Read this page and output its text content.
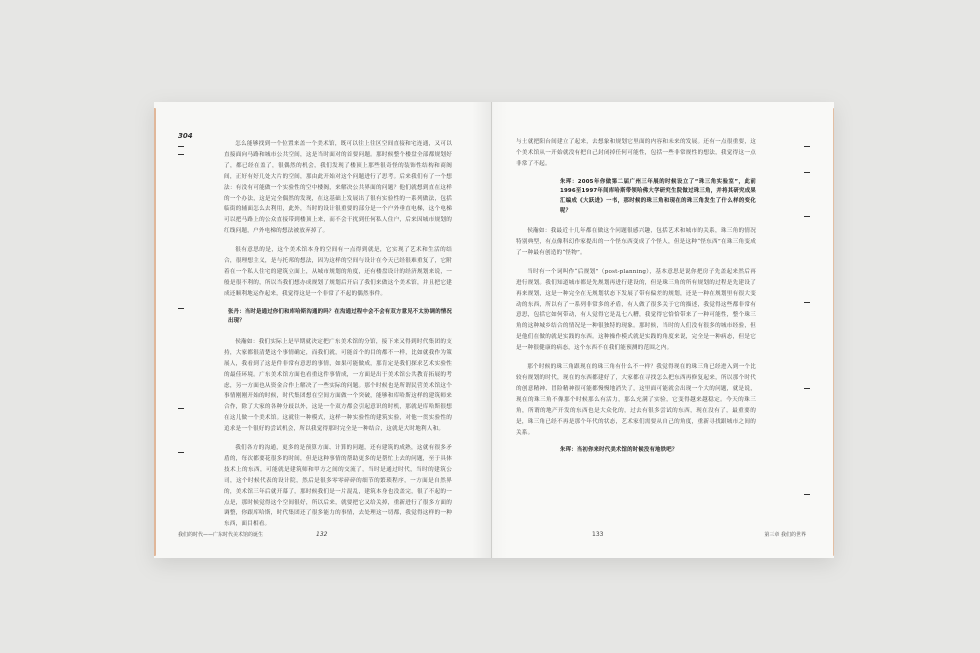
304

怎么能够找到一个位置来盖一个美术馆，既可以往上往区空间直接和宅连通，又可以直接面向马路和城市公共空间，这是当时面对的首要问题。那时候整个楼盘全部都规划好了，都已经在盖了，很偶然的机会，我们发现了楼顶上那些很奇怪的装饰性结构和商阁间，正好有好几处大片的空间，那由此开始对这个问题进行了思考。后来我们有了一个想法：有没有可能做一个实验性的空中楼阁，来解决公共界面的问题？他们就想到直在这样的一个办法，这是完全偶然的发现，在这基础上发展出了很有实验性的一系列做法，包括临街的辅面怎么去利用，此外，当时的设计很重要的部分是一个户外垂直电梯，这个电梯可以把马路上的公众直接带到楼顶上来，而不会干扰到任何私人住户，后来因城市规划的红线问题，户外电梯的想法被放弃掉了。

很有意思的是，这个美术馆本身的空间有一点得到就是，它实现了艺术和生活的结合，很理想主义，是与托邦的想法，因为这样的空间与设计在今天已经很难重复了，它附着在一个私人住宅的建筑立面上，从城市规划的角度，还有楼盘设计的经济规划来说，一般是很不利的，所以当我们想办成规划了规划后开启了我们来做这个美术馆，并且把它建成还顺利地运作起来，我觉得这是一个非常了不起的偶然事件。

张丹：当时是通过你们和库哈斯沟通的吗？在沟通过程中会不会有双方意见不太协调的情况出现？

侯瀚如：我们实际上是早期就决定把广东美术馆的分馆，接下来又得到时代集团的支持，大家都很清楚这个事情确定，而我们就，可能首个的目的都不一样，比如就我作为策展人，我看到了这是件非常有意思的事情，如果可能做成，那肯定是我们探求艺术实验性的最佳环境。广东美术馆方面也看重这件事情成，一方面是出于美术馆公共教育拓展的考虑，另一方面也从资金合作上解决了一些实际的问题。那个时候也是所谓民营美术馆这个事情刚刚开始的时候，时代集团想在空间方面做一个突破，能够和库哈斯这样的建筑师来合作，除了大家的各种分歧以外，这是一个双方都会引起意识的时机，那就是库哈斯很想在这儿做一个美术馆。这就往一种模式，这样一种实验性的建筑实验，对他一贯实验性的追求是一个很好的尝试机会，所以我觉得那时完全是一种结合，这就是大时地利人和。

我们各方的沟通，更多的是预算方面、计算的问题，还有建筑的成熟，这就有很多矛盾的，每次都要花很多的时间，但是这种事情的帮助更多的是帮忙上去的问题，至于具体技术上的东西，可能就是建筑师和甲方之间的交流了，当时是通过时代，当时的建筑公司，这个时候代表的设计院，然后是很多零零碎碎的细节的繁琐程序，一方面是自然界的，美术馆三年后就开幕了，那时候我们是一片混乱，建筑本身也没盖完，很了不起的一点是，那时候觉得这个空间很好，所以后来，就要把它又给关掉，重新进行了很多方面的调整，你跟库哈斯，时代集团还了很多能力的事情，去处理这一切都，我觉得这样的一种东西，面目相看。

我们的时代——广东时代美术馆的诞生	132

与土就把阳台间建立了起来，去想象和规划它里面的内容和未来的发展。还有一点很重要，这个美术馆从一开始就没有把自己封闭掉任何可能性，包括一些非常规性的想法，我觉得这一点非常了不起。

朱珲：2005年你做第二届广州三年展的时候设立了“珠三角实验室”，此前1996至1997年间库哈斯带领哈佛大学研究生院做过珠三角，并将其研究成果汇编成《大跃进》一书，那时候的珠三角和现在的珠三角发生了什么样的变化呢？

侯瀚如：我最近十几年都在做这个问题很感兴趣，包括艺术和城市的关系，珠三角的情况特别典型，有点像科幻作家提出的一个怪东西变成了个怪人，但是这种“怪东西”在珠三角变成了一种最有创造的“怪物”。

当时有一个词叫作“后规划”（post-planning），基本意思是说你把房子先盖起来然后再进行规划。我们知道城市都是先规划再进行建设的，但是珠三角的所有规划的过程是先建设了再来规划，这是一种完全在无规划状态下发展了带有偏差的规划，还是一种在规划里有很大变动的东西，所以有了一系列非常多的矛盾，有人做了很多关于它的描述，我觉得这些都非常有意思，包括它如何带动，有人觉得它是乱七八糟，我觉得它恰恰带来了一种可能性，整个珠三角的这种城乡结合的情况是一种很独特的现象。那时候，当时的人们没有很多的城市经验，但是他们在做的就是实践的东西。这种操作模式就是实践的角度来说，完全是一种病态，但是它是一种很健康的病态，这个东西不在我们能预测的范围之内。

那个时候的珠三角跟现在的珠三角有什么不一样？我觉得现在的珠三角已经进入到一个比较有规划的时代，现在的东西都建好了，大家都在寻找怎么把东西再修复起来，所以那个时代的创意精神、冒险精神很可能都慢慢地消失了，这里面可能就会出现一个大的问题，就是说，现在的珠三角不像那个时候那么有活力，那么充满了实验，它变得越来越稳定。今天的珠三角，所谓的地产开发的东西也是大众化的，过去有很多尝试的东西，现在没有了，最重要的是，珠三角已经不再是那个年代的状态，艺术家们需要从自己的角度，重新寻找跟城市之间的关系。

朱珲：当初你来时代美术馆的时候没有地铁吧？
133	第三章 我们的世界
